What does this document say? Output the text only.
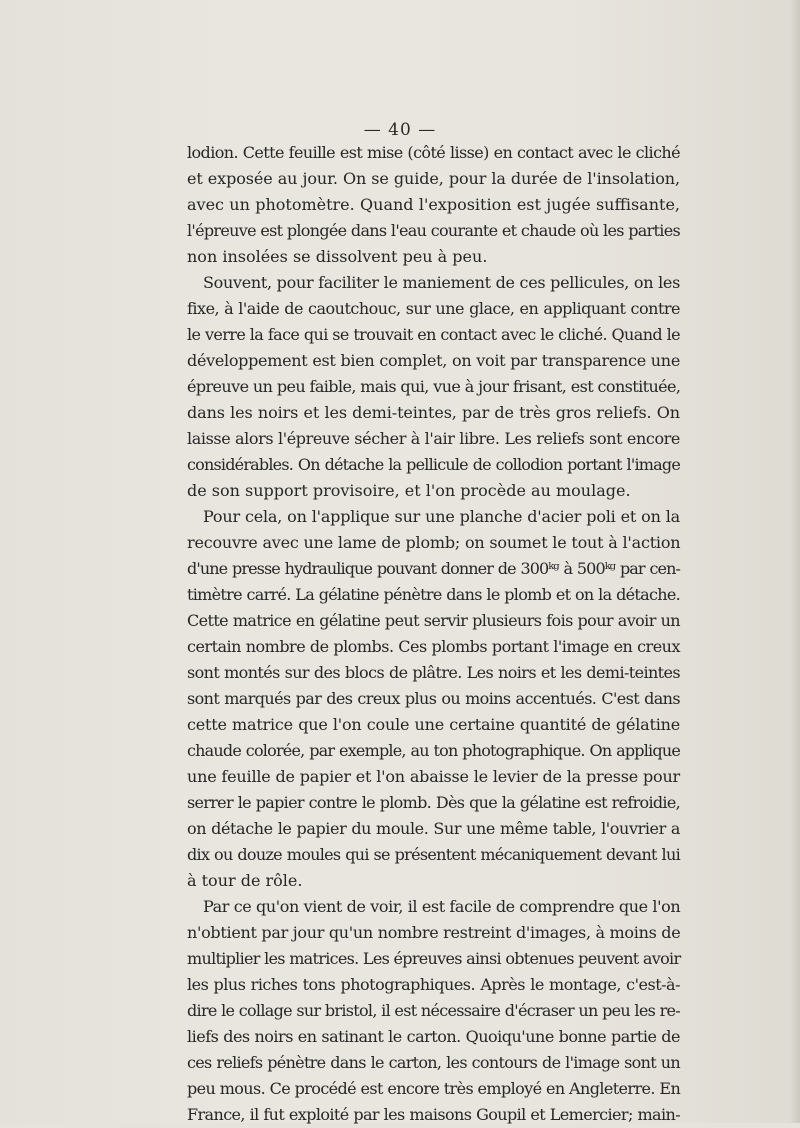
— 40 —
lodion. Cette feuille est mise (côté lisse) en contact avec le cliché
et exposée au jour. On se guide, pour la durée de l'insolation,
avec un photomètre. Quand l'exposition est jugée suffisante,
l'épreuve est plongée dans l'eau courante et chaude où les parties
non insolées se dissolvent peu à peu.
Souvent, pour faciliter le maniement de ces pellicules, on les
fixe, à l'aide de caoutchouc, sur une glace, en appliquant contre
le verre la face qui se trouvait en contact avec le cliché. Quand le
développement est bien complet, on voit par transparence une
épreuve un peu faible, mais qui, vue à jour frisant, est constituée,
dans les noirs et les demi-teintes, par de très gros reliefs. On
laisse alors l'épreuve sécher à l'air libre. Les reliefs sont encore
considérables. On détache la pellicule de collodion portant l'image
de son support provisoire, et l'on procède au moulage.
Pour cela, on l'applique sur une planche d'acier poli et on la
recouvre avec une lame de plomb; on soumet le tout à l'action
d'une presse hydraulique pouvant donner de 300ᵏᵍ à 500ᵏᵍ par cen-
timètre carré. La gélatine pénètre dans le plomb et on la détache.
Cette matrice en gélatine peut servir plusieurs fois pour avoir un
certain nombre de plombs. Ces plombs portant l'image en creux
sont montés sur des blocs de plâtre. Les noirs et les demi-teintes
sont marqués par des creux plus ou moins accentués. C'est dans
cette matrice que l'on coule une certaine quantité de gélatine
chaude colorée, par exemple, au ton photographique. On applique
une feuille de papier et l'on abaisse le levier de la presse pour
serrer le papier contre le plomb. Dès que la gélatine est refroidie,
on détache le papier du moule. Sur une même table, l'ouvrier a
dix ou douze moules qui se présentent mécaniquement devant lui
à tour de rôle.
Par ce qu'on vient de voir, il est facile de comprendre que l'on
n'obtient par jour qu'un nombre restreint d'images, à moins de
multiplier les matrices. Les épreuves ainsi obtenues peuvent avoir
les plus riches tons photographiques. Après le montage, c'est-à-
dire le collage sur bristol, il est nécessaire d'écraser un peu les re-
liefs des noirs en satinant le carton. Quoiqu'une bonne partie de
ces reliefs pénètre dans le carton, les contours de l'image sont un
peu mous. Ce procédé est encore très employé en Angleterre. En
France, il fut exploité par les maisons Goupil et Lemercier; main-
